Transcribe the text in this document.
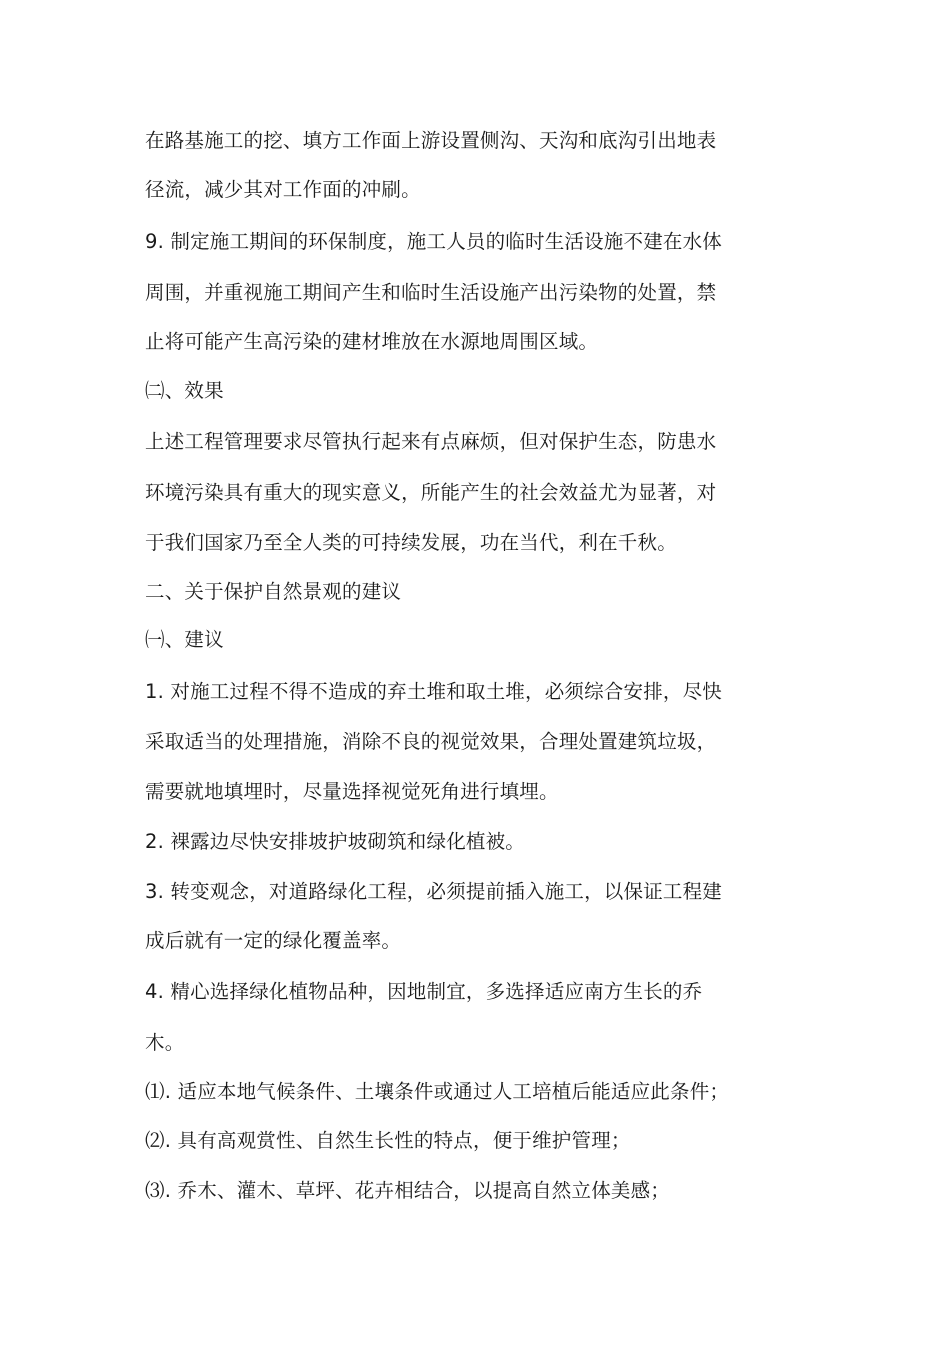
在路基施工的挖、填方工作面上游设置侧沟、天沟和底沟引出地表
径流，减少其对工作面的冲刷。
9. 制定施工期间的环保制度，施工人员的临时生活设施不建在水体
周围，并重视施工期间产生和临时生活设施产出污染物的处置，禁
止将可能产生高污染的建材堆放在水源地周围区域。
㈡、效果
上述工程管理要求尽管执行起来有点麻烦，但对保护生态，防患水
环境污染具有重大的现实意义，所能产生的社会效益尤为显著，对
于我们国家乃至全人类的可持续发展，功在当代，利在千秋。
二、关于保护自然景观的建议
㈠、建议
1. 对施工过程不得不造成的弃土堆和取土堆，必须综合安排，尽快
采取适当的处理措施，消除不良的视觉效果，合理处置建筑垃圾，
需要就地填埋时，尽量选择视觉死角进行填埋。
2. 裸露边尽快安排坡护坡砌筑和绿化植被。
3. 转变观念，对道路绿化工程，必须提前插入施工，以保证工程建
成后就有一定的绿化覆盖率。
4. 精心选择绿化植物品种，因地制宜，多选择适应南方生长的乔
木。
⑴. 适应本地气候条件、土壤条件或通过人工培植后能适应此条件；
⑵. 具有高观赏性、自然生长性的特点，便于维护管理；
⑶. 乔木、灌木、草坪、花卉相结合，以提高自然立体美感；
